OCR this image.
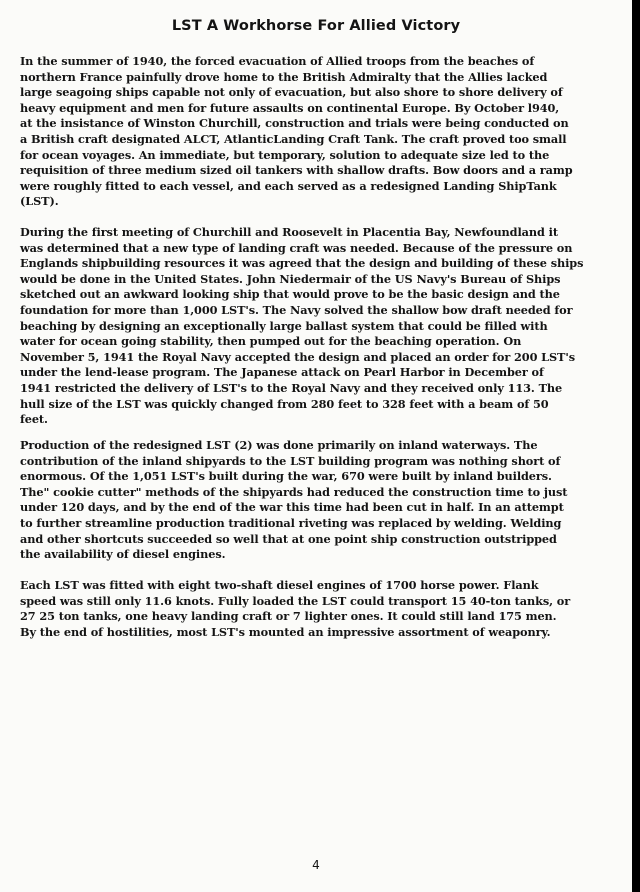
LST A Workhorse For Allied Victory

In the summer of 1940, the forced evacuation of Allied troops from the beaches of
northern France painfully drove home to the British Admiralty that the Allies lacked
large seagoing ships capable not only of evacuation, but also shore to shore delivery of
heavy equipment and men for future assaults on continental Europe. By October l940,
at the insistance of Winston Churchill, construction and trials were being conducted on
a British craft designated ALCT, AtlanticLanding Craft Tank. The craft proved too small
for ocean voyages. An immediate, but temporary, solution to adequate size led to the
requisition of three medium sized oil tankers with shallow drafts. Bow doors and a ramp
were roughly fitted to each vessel, and each served as a redesigned Landing ShipTank
(LST).

During the first meeting of Churchill and Roosevelt in Placentia Bay, Newfoundland it
was determined that a new type of landing craft was needed. Because of the pressure on
Englands shipbuilding resources it was agreed that the design and building of these ships
would be done in the United States. John Niedermair of the US Navy's Bureau of Ships
sketched out an awkward looking ship that would prove to be the basic design and the
foundation for more than 1,000 LST's. The Navy solved the shallow bow draft needed for
beaching by designing an exceptionally large ballast system that could be filled with
water for ocean going stability, then pumped out for the beaching operation. On
November 5, 1941 the Royal Navy accepted the design and placed an order for 200 LST's
under the lend-lease program. The Japanese attack on Pearl Harbor in December of
1941 restricted the delivery of LST's to the Royal Navy and they received only 113. The
hull size of the LST was quickly changed from 280 feet to 328 feet with a beam of 50
feet.

Production of the redesigned LST (2) was done primarily on inland waterways. The
contribution of the inland shipyards to the LST building program was nothing short of
enormous. Of the 1,051 LST's built during the war, 670 were built by inland builders.
The" cookie cutter" methods of the shipyards had reduced the construction time to just
under 120 days, and by the end of the war this time had been cut in half. In an attempt
to further streamline production traditional riveting was replaced by welding. Welding
and other shortcuts succeeded so well that at one point ship construction outstripped
the availability of diesel engines.

Each LST was fitted with eight two-shaft diesel engines of 1700 horse power. Flank
speed was still only 11.6 knots. Fully loaded the LST could transport 15 40-ton tanks, or
27 25 ton tanks, one heavy landing craft or 7 lighter ones. It could still land 175 men.
By the end of hostilities, most LST's mounted an impressive assortment of weaponry.

4
